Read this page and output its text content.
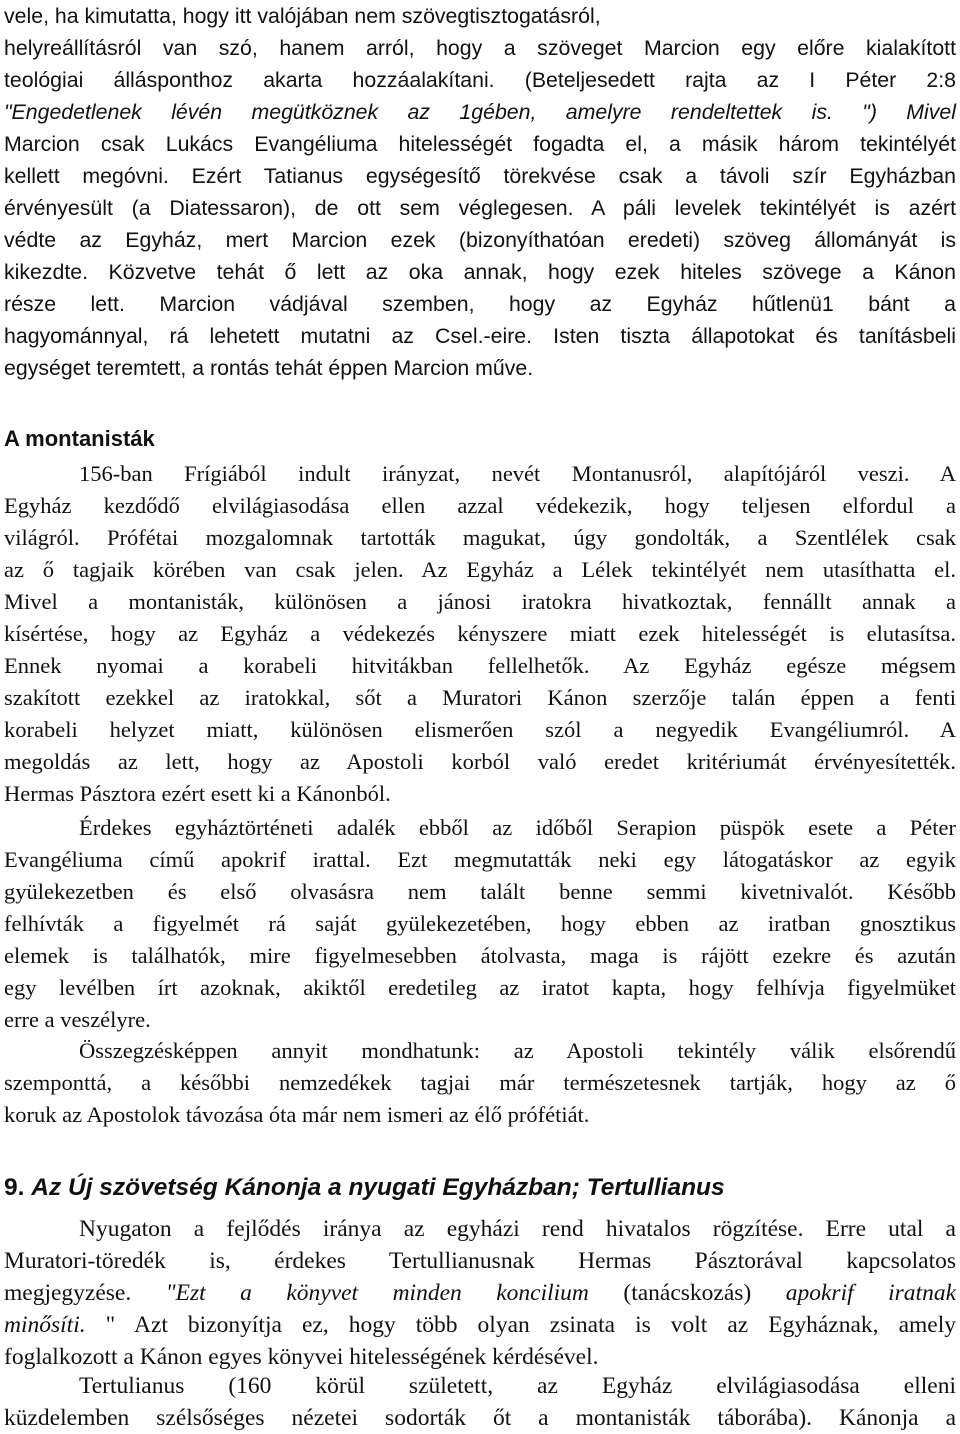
vele, ha kimutatta, hogy itt valójában nem szövegtisztogatásról,
helyreállításról van szó, hanem arról, hogy a szöveget Marcion egy előre kialakított
teológiai állásponthoz akarta hozzáalakítani. (Beteljesedett rajta az I Péter 2:8
"Engedetlenek lévén megütköznek az 1gében, amelyre rendeltettek is. ") Mivel
Marcion csak Lukács Evangéliuma hitelességét fogadta el, a másik három tekintélyét
kellett megóvni. Ezért Tatianus egységesítő törekvése csak a távoli szír Egyházban
érvényesült (a Diatessaron), de ott sem véglegesen. A páli levelek tekintélyét is azért
védte az Egyház, mert Marcion ezek (bizonyíthatóan eredeti) szöveg állományát is
kikezdte. Közvetve tehát ő lett az oka annak, hogy ezek hiteles szövege a Kánon
része lett. Marcion vádjával szemben, hogy az Egyház hűtlenü1 bánt a
hagyománnyal, rá lehetett mutatni az Csel.-eire. Isten tiszta állapotokat és tanításbeli
egységet teremtett, a rontás tehát éppen Marcion műve.
A montanisták
156-ban Frígiából indult irányzat, nevét Montanusról, alapítójáról veszi. A
Egyház kezdődő elvilágiasodása ellen azzal védekezik, hogy teljesen elfordul a
világról. Prófétai mozgalomnak tartották magukat, úgy gondolták, a Szentlélek csak
az ő tagjaik körében van csak jelen. Az Egyház a Lélek tekintélyét nem utasíthatta el.
Mivel a montanisták, különösen a jánosi iratokra hivatkoztak, fennállt annak a
kísértése, hogy az Egyház a védekezés kényszere miatt ezek hitelességét is elutasítsa.
Ennek nyomai a korabeli hitvitákban fellelhetők. Az Egyház egésze mégsem
szakított ezekkel az iratokkal, sőt a Muratori Kánon szerzője talán éppen a fenti
korabeli helyzet miatt, különösen elismerően szól a negyedik Evangéliumról. A
megoldás az lett, hogy az Apostoli korból való eredet kritériumát érvényesítették.
Hermas Pásztora ezért esett ki a Kánonból.
Érdekes egyháztörténeti adalék ebből az időből Serapion püspök esete a Péter
Evangéliuma című apokrif irattal. Ezt megmutatták neki egy látogatáskor az egyik
gyülekezetben és első olvasásra nem talált benne semmi kivetnivalót. Később
felhívták a figyelmét rá saját gyülekezetében, hogy ebben az iratban gnosztikus
elemek is találhatók, mire figyelmesebben átolvasta, maga is rájött ezekre és azután
egy levélben írt azoknak, akiktől eredetileg az iratot kapta, hogy felhívja figyelmüket
erre a veszélyre.
Összegzésképpen annyit mondhatunk: az Apostoli tekintély válik elsőrendű
szemponttá, a későbbi nemzedékek tagjai már természetesnek tartják, hogy az ő
koruk az Apostolok távozása óta már nem ismeri az élő prófétiát.
9. Az Új szövetség Kánonja a nyugati Egyházban; Tertullianus
Nyugaton a fejlődés iránya az egyházi rend hivatalos rögzítése. Erre utal a
Muratori-töredék is, érdekes Tertullianusnak Hermas Pásztorával kapcsolatos
megjegyzése. "Ezt a könyvet minden koncilium (tanácskozás) apokrif iratnak
minősíti. " Azt bizonyítja ez, hogy több olyan zsinata is volt az Egyháznak, amely
foglalkozott a Kánon egyes könyvei hitelességének kérdésével.
Tertulianus (160 körül született, az Egyház elvilágiasodása elleni
küzdelemben szélsőséges nézetei sodorták őt a montanisták táborába). Kánonja a
